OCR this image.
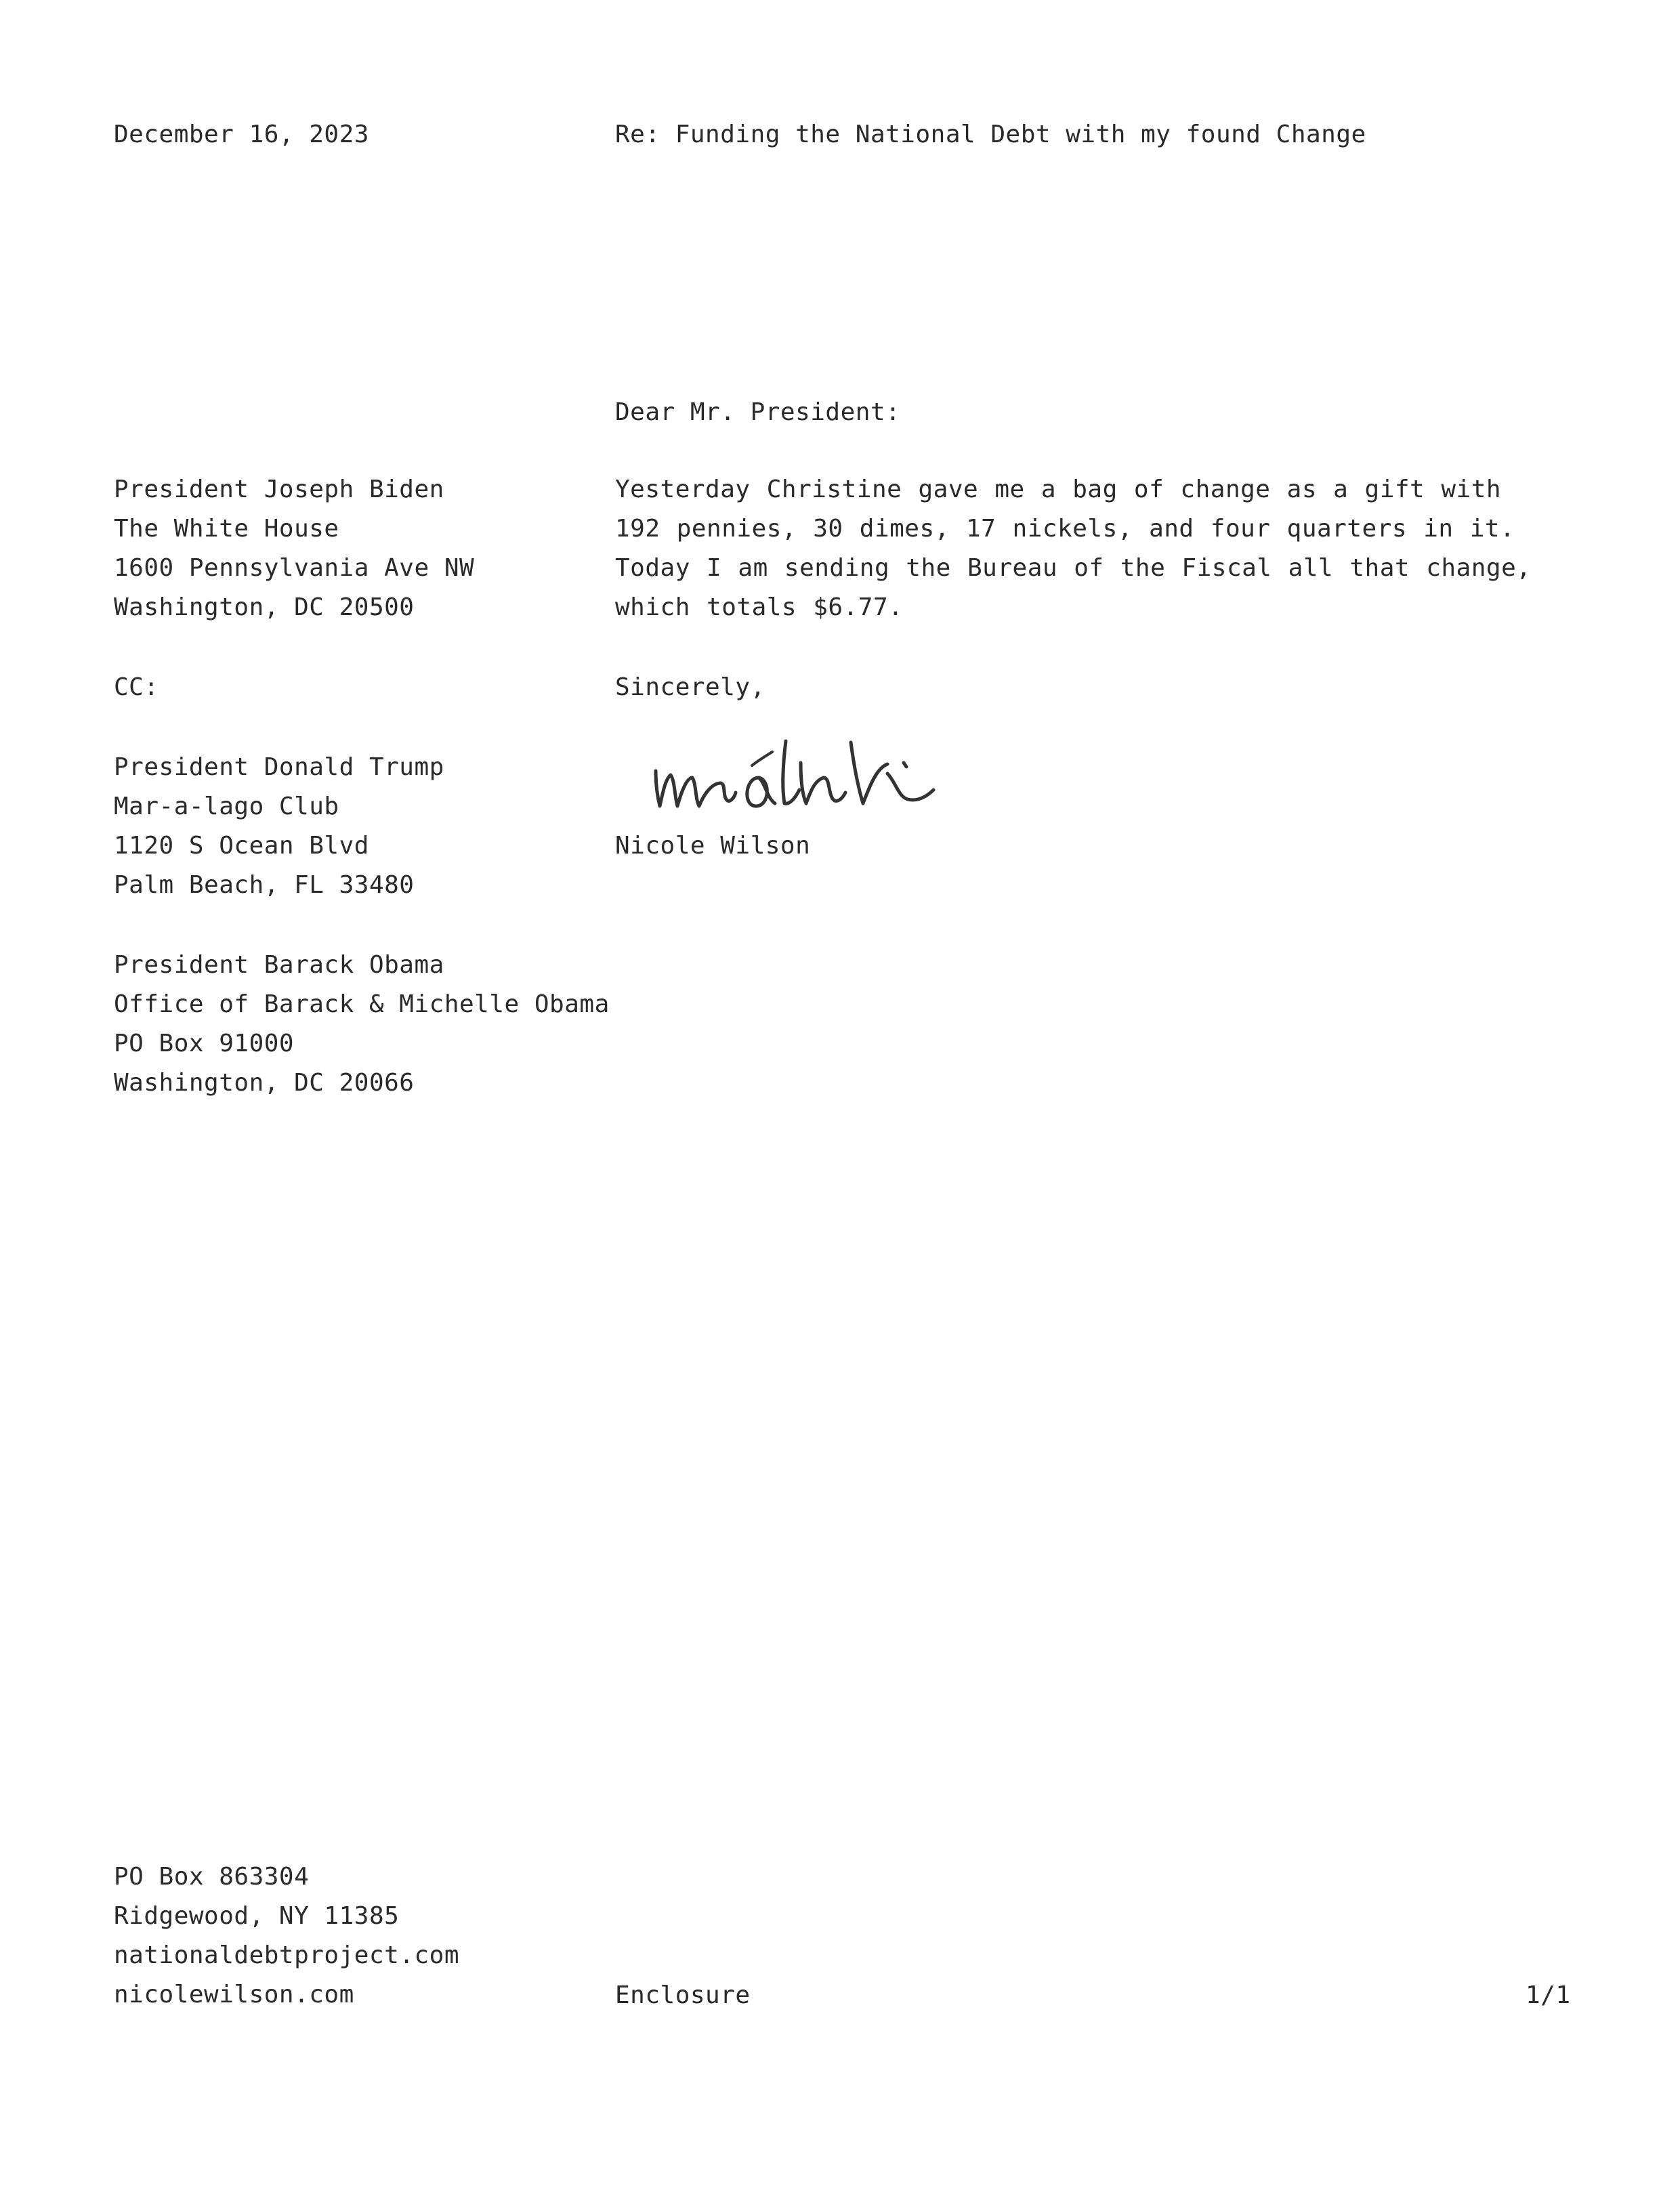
December 16, 2023	Re: Funding the National Debt with my found Change
Dear Mr. President:
President Joseph Biden
The White House
1600 Pennsylvania Ave NW
Washington, DC 20500
Yesterday Christine gave me a bag of change as a gift with 192 pennies, 30 dimes, 17 nickels, and four quarters in it. Today I am sending the Bureau of the Fiscal all that change, which totals $6.77.
CC:	Sincerely,
President Donald Trump
Mar-a-lago Club
1120 S Ocean Blvd
Palm Beach, FL 33480
Nicole Wilson
President Barack Obama
Office of Barack & Michelle Obama
PO Box 91000
Washington, DC 20066
PO Box 863304
Ridgewood, NY 11385
nationaldebtproject.com
nicolewilson.com	Enclosure	1/1
